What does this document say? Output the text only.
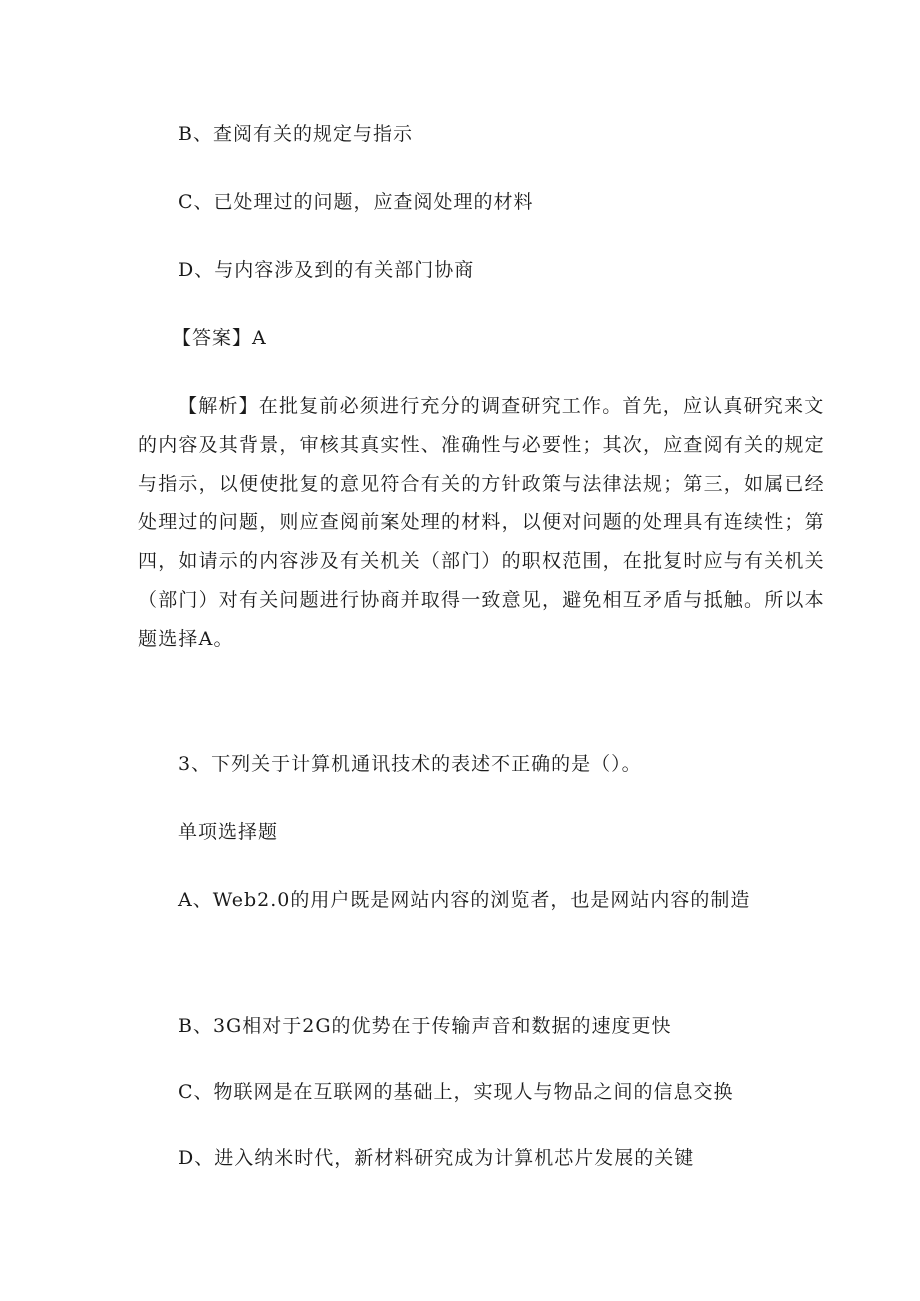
B、查阅有关的规定与指示
C、已处理过的问题，应查阅处理的材料
D、与内容涉及到的有关部门协商
【答案】A
【解析】在批复前必须进行充分的调查研究工作。首先，应认真研究来文
的内容及其背景，审核其真实性、准确性与必要性；其次，应查阅有关的规定
与指示，以便使批复的意见符合有关的方针政策与法律法规；第三，如属已经
处理过的问题，则应查阅前案处理的材料，以便对问题的处理具有连续性；第
四，如请示的内容涉及有关机关（部门）的职权范围，在批复时应与有关机关
（部门）对有关问题进行协商并取得一致意见，避免相互矛盾与抵触。所以本
题选择A。
3、下列关于计算机通讯技术的表述不正确的是（）。
单项选择题
A、Web2.0的用户既是网站内容的浏览者，也是网站内容的制造
B、3G相对于2G的优势在于传输声音和数据的速度更快
C、物联网是在互联网的基础上，实现人与物品之间的信息交换
D、进入纳米时代，新材料研究成为计算机芯片发展的关键
